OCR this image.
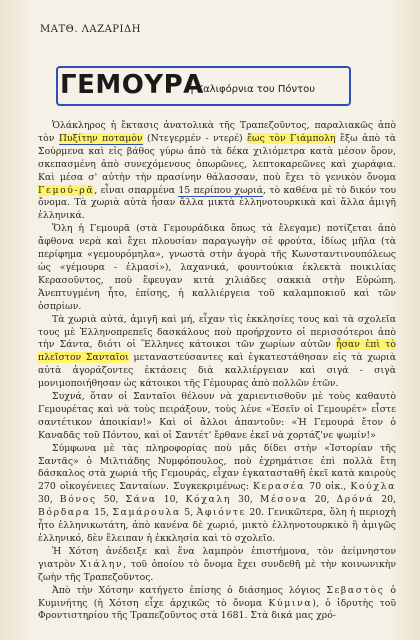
ΜΑΤΘ. ΛΑΖΑΡΙΔΗ
ΓΕΜΟΥΡΑ
ή Καλιφόρνια του Πόντου

Ὁλάκληρος ἡ ἔκτασις ἀνατολικὰ τῆς Τραπεζοῦντος, παραλιακῶς ἀπὸ τὸν Πυξίτην ποταμὸν (Ντεγερμέν - ντερέ) ἕως τὸν Γιάμπολη ἔξω ἀπὸ τὰ Σούρμενα καὶ εἰς βάθος γύρω ἀπὸ τὰ δέκα χιλιόμετρα κατὰ μέσον ὅρον, σκεπασμένη ἀπὸ συνεχόμενους ὀπωρῶνες, λεπτοκαρεῶνες καὶ χωράφια. Καὶ μέσα σ' αὐτὴν τὴν πρασίνην θάλασσαν, ποὺ ἔχει τὸ γενικὸν ὄνομα Γεμού-ρᾶ, εἶναι σπαρμένα 15 περίπου χωριά, τὸ καθένα μὲ τὸ δικόν του ὄνομα. Τὰ χωριὰ αὐτὰ ἦσαν ἄλλα μικτὰ ἑλληνοτουρκικὰ καὶ ἄλλα ἀμιγῆ ἑλληνικά.

Ὅλη ἡ Γεμουρᾶ (στὰ Γεμουράδικα ὅπως τὰ ἔλεγαμε) ποτίζεται ἀπὸ ἄφθονα νερὰ καὶ ἔχει πλουσίαν παραγωγὴν σὲ φρούτα, ἰδίως μῆλα (τὰ περίφημα «γεμουρόμηλα», γνωστὰ στὴν ἀγορὰ τῆς Κωνσταντινουπόλεως ὡς «γέμουρα - ἐλμασί»), λαχανικά, φουντούκια ἐκλεκτὰ ποικιλίας Κερασοῦντος, ποὺ ἔφευγαν κιτὰ χιλιάδες σακκιὰ στὴν Εὐρώπη. Ἀνεπτυγμένη ἦτο, ἐπίσης, ἡ καλλιέργεια τοῦ καλαμποκιοῦ καὶ τῶν ὀσπρίων.

Τὰ χωριὰ αὐτά, ἀμιγῆ καὶ μή, εἶχαν τὶς ἐκκλησίες τους καὶ τὰ σχολεῖα τους μὲ Ἑλληνοπρεπεῖς δασκάλους ποὺ προήρχοντο οἱ περισσότεροι ἀπὸ τὴν Σάντα, διότι οἱ Ἕλληνες κάτοικοι τῶν χωρίων αὐτῶν ἦσαν ἐπὶ τὸ πλεῖστον Σανταῖοι μεταναστεύσαντες καὶ ἐγκατεστάθησαν εἰς τὰ χωριὰ αὐτὰ ἀγοράζοντες ἐκτάσεις διὰ καλλιέργειαν καὶ σιγά - σιγὰ μονιμοποιήθησαν ὡς κάτοικοι τῆς Γέμουρας ἀπὸ πολλῶν ἐτῶν.

Συχνά, ὅταν οἱ Σανταῖοι θέλουν νὰ χαριεντισθοῦν μὲ τοὺς καθαυτὸ Γεμουρέτας καὶ νὰ τοὺς πειράξουν, τοὺς λένε «Ἐσεῖν οἱ Γεμουρέτ» εἶστε σαντέτικον ἀποικίαν!» Καὶ οἱ ἄλλοι ἀπαντοῦν: «Ἡ Γεμουρά ἔτον ὁ Καναδᾶς τοῦ Πόντου, καὶ οἱ Σαντέτ' ἔρθανε ἐκεῖ νὰ χορτάζ'νε ψωμίν!»

Σύμφωνα μὲ τὰς πληροφορίας ποὺ μᾶς δίδει στὴν «Ἱστορίαν τῆς Σαντᾶς» ὁ Μιλτιάδης Νυμφόπουλος, ποὺ ἐχρημάτισε ἐπὶ πολλὰ ἔτη δάσκαλος στὰ χωριὰ τῆς Γεμουράς, εἶχαν ἐγκατασταθῆ ἐκεῖ κατὰ καιροὺς 270 οἰκογένειες Σανταίων. Συγκεκριμένως: Κερασέα 70 οἰκ., Κούχλα 30, Βόνος 50, Σάνα 10, Κόχαλη 30, Μέσονα 20, Δρόνά 20, Βόρδαρα 15, Σαμάρουλα 5, Ἀφιόντε 20. Γενικῶτερα, ὅλη ἡ περιοχὴ ἦτο ἑλληνικωτάτη, ἀπὸ κανένα δὲ χωριό, μικτὸ ἑλληνοτουρκικὸ ἢ ἀμιγῶς ἑλληνικό, δὲν ἔλειπαν ἡ ἐκκλησία καὶ τὸ σχολεῖο.

Ἡ Χότση ἀνέδειξε καὶ ἕνα λαμπρὸν ἐπιστήμονα, τὸν ἀείμνηστον γιατρὸν Χιάλην, τοῦ ὁποίου τὸ ὄνομα ἔχει συνδεθῆ μὲ τὴν κοινωνικὴν ζωὴν τῆς Τραπεζοῦντος.

Ἀπὸ τὴν Χότσην κατήγετο ἐπίσης ὁ διάσημος λόγιος Σεβαστὸς ὁ Κυμινήτης (ἡ Χότση εἶχε ἀρχικῶς τὸ ὄνομα Κύμινα), ὁ ἱδρυτὴς τοῦ Φροντιστηρίου τῆς Τραπεζοῦντος στὰ 1681. Στὰ δικά μας χρό-
